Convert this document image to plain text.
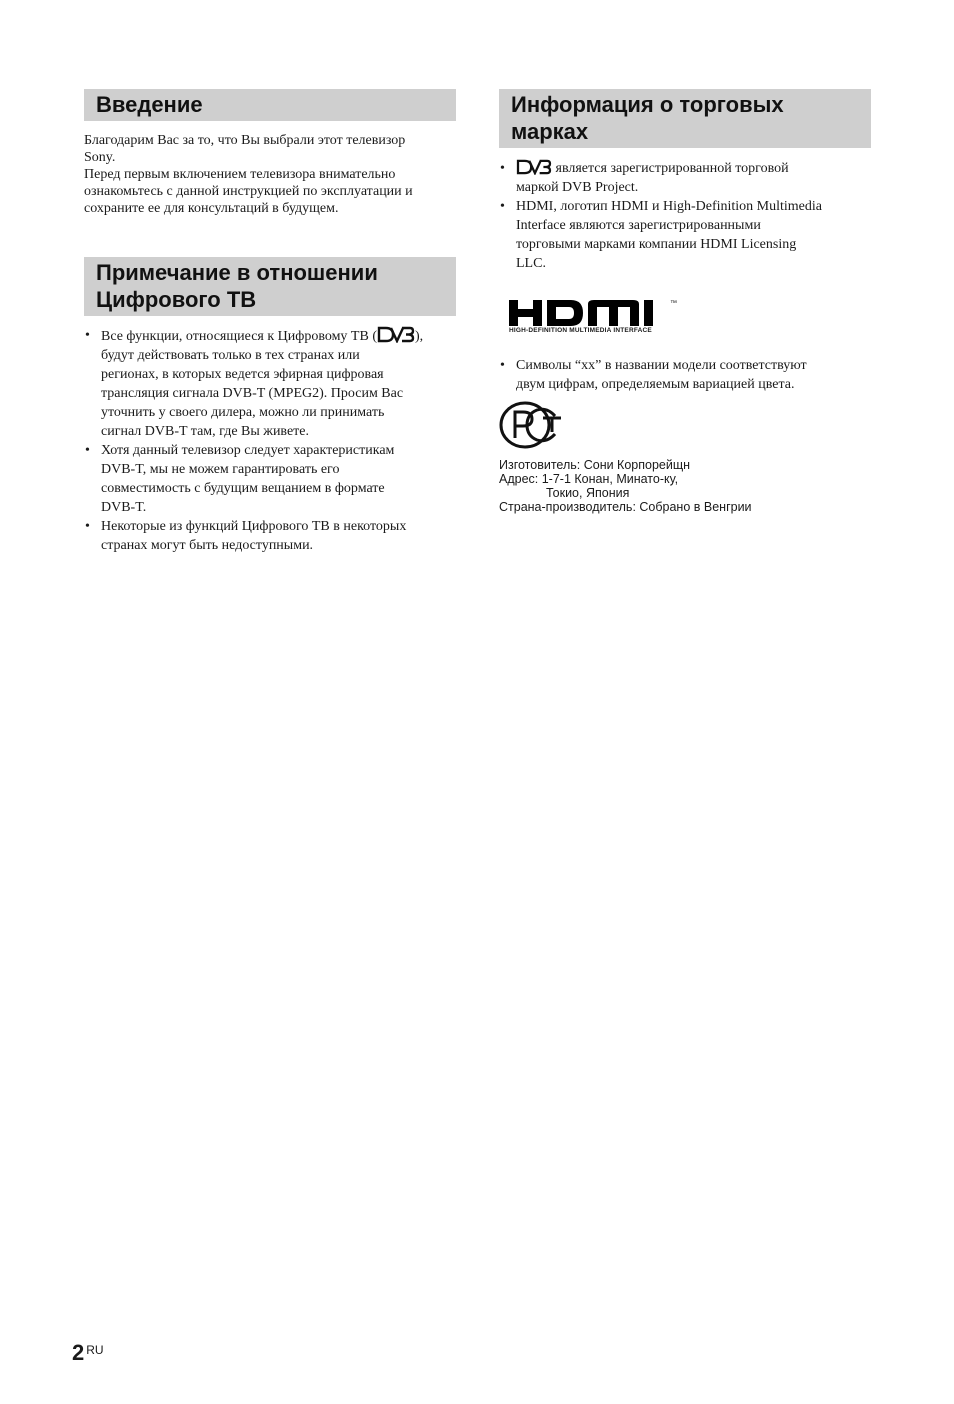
Введение

Благодарим Вас за то, что Вы выбрали этот телевизор
Sony.
Перед первым включением телевизора внимательно
ознакомьтесь с данной инструкцией по эксплуатации и
сохраните ее для консультаций в будущем.

Примечание в отношении
Цифрового ТВ
• Все функции, относящиеся к Цифровому ТВ (	),
будут действовать только в тех странах или
регионах, в которых ведется эфирная цифровая
трансляция сигнала DVB-T (MPEG2). Просим Вас
уточнить у своего дилера, можно ли принимать
сигнал DVB-T там, где Вы живете.
• Хотя данный телевизор следует характеристикам
DVB-T, мы не можем гарантировать его
совместимость с будущим вещанием в формате
DVB-T.
• Некоторые из функций Цифрового ТВ в некоторых
странах могут быть недоступными.
Информация о торговых
марках
•	является зарегистрированной торговой
маркой DVB Project.
• HDMI, логотип HDMI и High-Definition Multimedia
Interface являются зарегистрированными
торговыми марками компании HDMI Licensing
LLC.
™
HIGH-DEFINITION MULTIMEDIA INTERFACE
• Символы “xx” в названии модели соответствуют
двум цифрам, определяемым вариацией цвета.
Изготовитель: Сони Корпорейщн
Адрес: 1-7-1 Конан, Минато-ку,
Токио, Япония
Страна-производитель: Собрано в Венгрии
2 $^{RU}$
